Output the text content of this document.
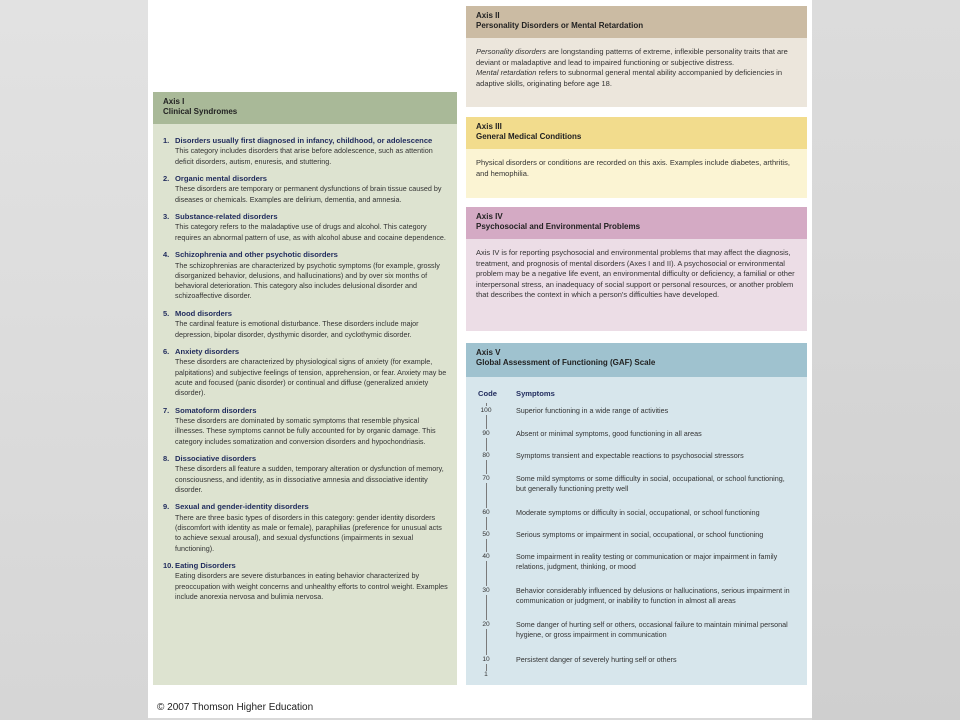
Axis I
Clinical Syndromes
1. Disorders usually first diagnosed in infancy, childhood, or adolescence
This category includes disorders that arise before adolescence, such as attention deficit disorders, autism, enuresis, and stuttering.
2. Organic mental disorders
These disorders are temporary or permanent dysfunctions of brain tissue caused by diseases or chemicals. Examples are delirium, dementia, and amnesia.
3. Substance-related disorders
This category refers to the maladaptive use of drugs and alcohol. This category requires an abnormal pattern of use, as with alcohol abuse and cocaine dependence.
4. Schizophrenia and other psychotic disorders
The schizophrenias are characterized by psychotic symptoms (for example, grossly disorganized behavior, delusions, and hallucinations) and by over six months of behavioral deterioration. This category also includes delusional disorder and schizoaffective disorder.
5. Mood disorders
The cardinal feature is emotional disturbance. These disorders include major depression, bipolar disorder, dysthymic disorder, and cyclothymic disorder.
6. Anxiety disorders
These disorders are characterized by physiological signs of anxiety (for example, palpitations) and subjective feelings of tension, apprehension, or fear. Anxiety may be acute and focused (panic disorder) or continual and diffuse (generalized anxiety disorder).
7. Somatoform disorders
These disorders are dominated by somatic symptoms that resemble physical illnesses. These symptoms cannot be fully accounted for by organic damage. This category includes somatization and conversion disorders and hypochondriasis.
8. Dissociative disorders
These disorders all feature a sudden, temporary alteration or dysfunction of memory, consciousness, and identity, as in dissociative amnesia and dissociative identity disorder.
9. Sexual and gender-identity disorders
There are three basic types of disorders in this category: gender identity disorders (discomfort with identity as male or female), paraphilias (preference for unusual acts to achieve sexual arousal), and sexual dysfunctions (impairments in sexual functioning).
10. Eating Disorders
Eating disorders are severe disturbances in eating behavior characterized by preoccupation with weight concerns and unhealthy efforts to control weight. Examples include anorexia nervosa and bulimia nervosa.
Axis II
Personality Disorders or Mental Retardation

Personality disorders are longstanding patterns of extreme, inflexible personality traits that are deviant or maladaptive and lead to impaired functioning or subjective distress.

Mental retardation refers to subnormal general mental ability accompanied by deficiencies in adaptive skills, originating before age 18.

Axis III
General Medical Conditions

Physical disorders or conditions are recorded on this axis. Examples include diabetes, arthritis, and hemophilia.

Axis IV
Psychosocial and Environmental Problems

Axis IV is for reporting psychosocial and environmental problems that may affect the diagnosis, treatment, and prognosis of mental disorders (Axes I and II). A psychosocial or environmental problem may be a negative life event, an environmental difficulty or deficiency, a familial or other interpersonal stress, an inadequacy of social support or personal resources, or another problem that describes the context in which a person's difficulties have developed.

Axis V
Global Assessment of Functioning (GAF) Scale
Code	Symptoms
100	Superior functioning in a wide range of activities
90	Absent or minimal symptoms, good functioning in all areas
80	Symptoms transient and expectable reactions to psychosocial stressors
70	Some mild symptoms or some difficulty in social, occupational, or school functioning, but generally functioning pretty well
60	Moderate symptoms or difficulty in social, occupational, or school functioning
50	Serious symptoms or impairment in social, occupational, or school functioning
40	Some impairment in reality testing or communication or major impairment in family relations, judgment, thinking, or mood
30	Behavior considerably influenced by delusions or hallucinations, serious impairment in communication or judgment, or inability to function in almost all areas
20	Some danger of hurting self or others, occasional failure to maintain minimal personal hygiene, or gross impairment in communication
10	Persistent danger of severely hurting self or others
1
© 2007 Thomson Higher Education
